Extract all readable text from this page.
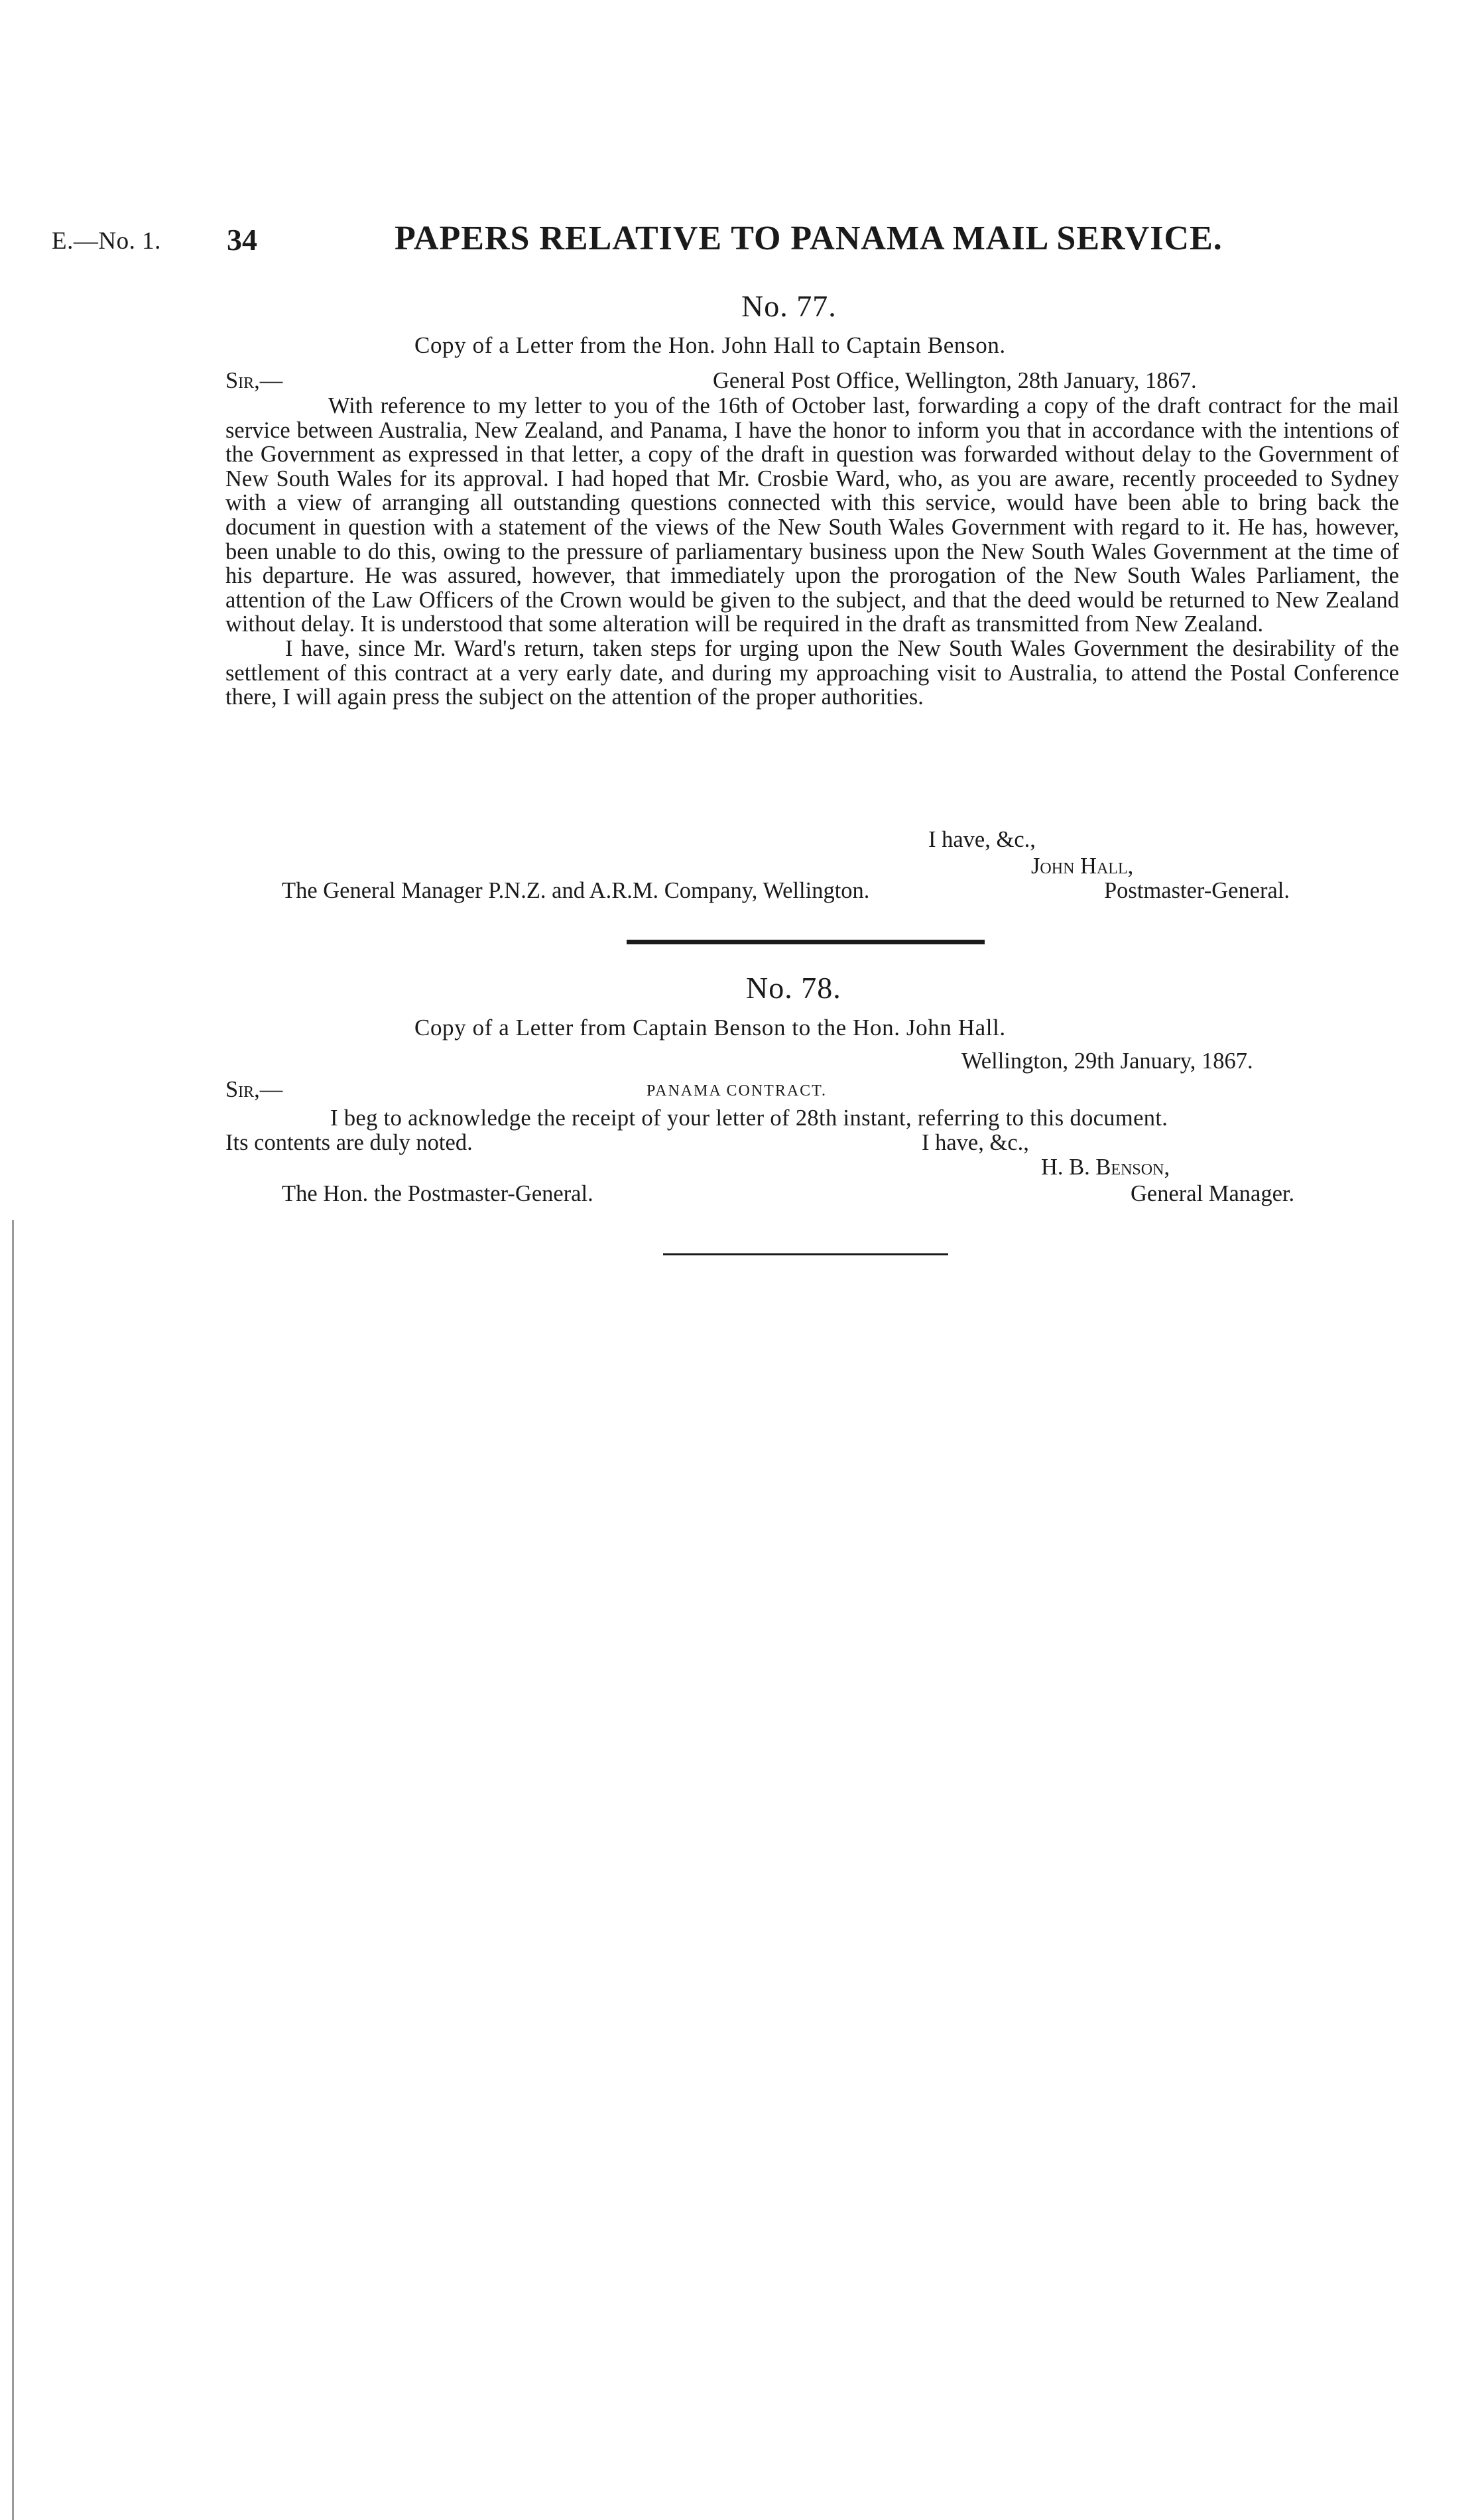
E.—No. 1. 34	PAPERS RELATIVE TO PANAMA MAIL SERVICE.
No. 77.
Copy of a Letter from the Hon. John Hall to Captain Benson.
Sir,—	General Post Office, Wellington, 28th January, 1867.

With reference to my letter to you of the 16th of October last, forwarding a copy of the draft contract for the mail service between Australia, New Zealand, and Panama, I have the honor to inform you that in accordance with the intentions of the Government as expressed in that letter, a copy of the draft in question was forwarded without delay to the Government of New South Wales for its approval. I had hoped that Mr. Crosbie Ward, who, as you are aware, recently proceeded to Sydney with a view of arranging all outstanding questions connected with this service, would have been able to bring back the document in question with a statement of the views of the New South Wales Government with regard to it. He has, however, been unable to do this, owing to the pressure of parliamentary business upon the New South Wales Government at the time of his departure. He was assured, however, that immediately upon the prorogation of the New South Wales Parliament, the attention of the Law Officers of the Crown would be given to the subject, and that the deed would be returned to New Zealand without delay. It is understood that some alteration will be required in the draft as transmitted from New Zealand.

I have, since Mr. Ward's return, taken steps for urging upon the New South Wales Government the desirability of the settlement of this contract at a very early date, and during my approaching visit to Australia, to attend the Postal Conference there, I will again press the subject on the attention of the proper authorities.

I have, &c.,
John Hall,
The General Manager P.N.Z. and A.R.M. Company, Wellington.	Postmaster-General.
No. 78.
Copy of a Letter from Captain Benson to the Hon. John Hall.
Wellington, 29th January, 1867.
Sir,—	PANAMA CONTRACT.
I beg to acknowledge the receipt of your letter of 28th instant, referring to this document.
Its contents are duly noted.	I have, &c.,
H. B. Benson,
The Hon. the Postmaster-General.	General Manager.
